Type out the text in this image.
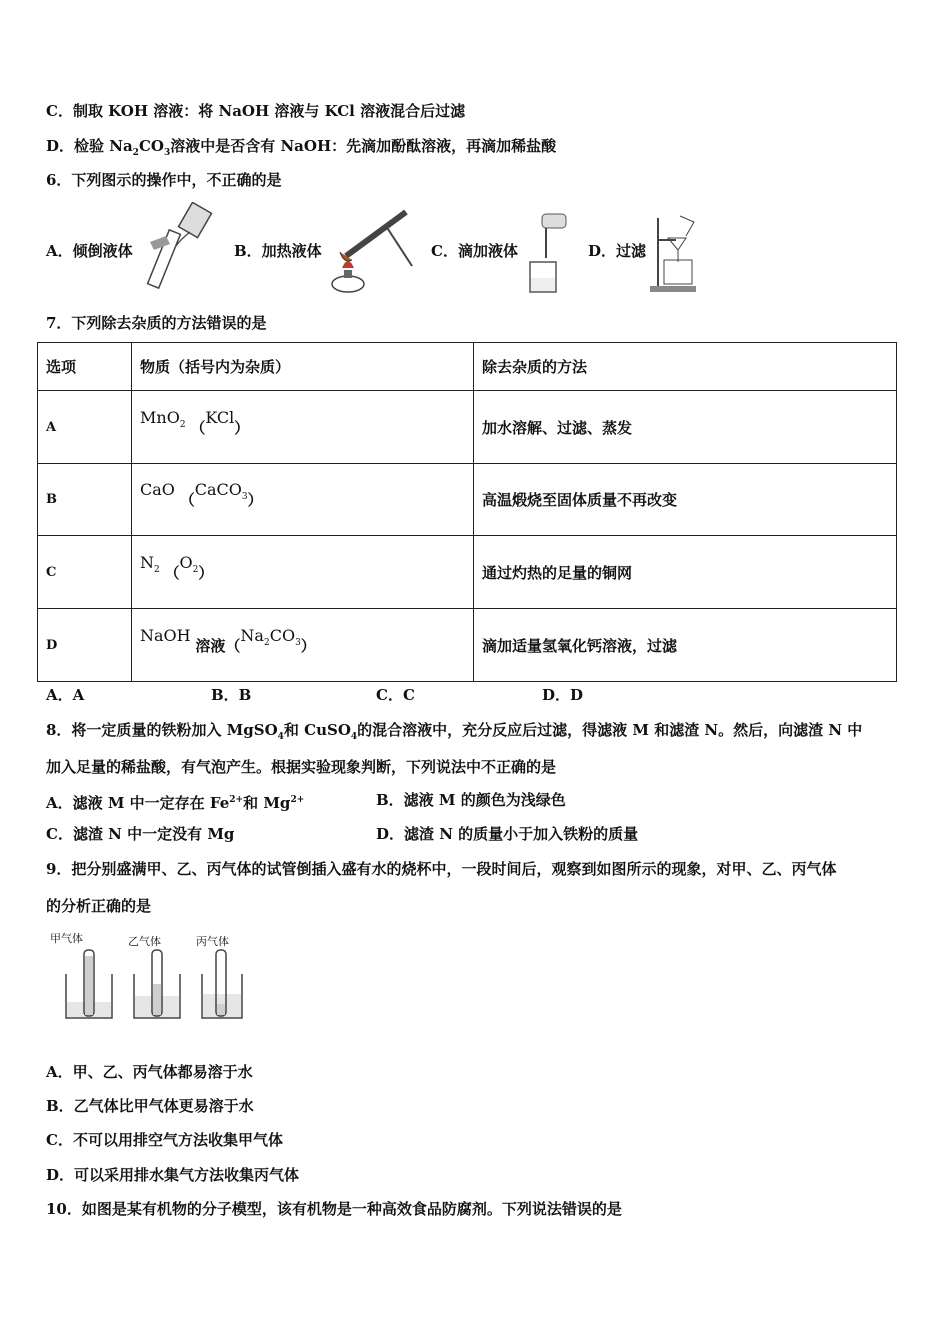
C．制取 KOH 溶液：将 NaOH 溶液与 KCl 溶液混合后过滤
D．检验 $Na_2CO_3$溶液中是否含有 NaOH：先滴加酚酞溶液，再滴加稀盐酸
6．下列图示的操作中，不正确的是
A．倾倒液体	B．加热液体	C．滴加液体	D．过滤
7．下列除去杂质的方法错误的是
选项	物质（括号内为杂质）	除去杂质的方法
A	MnO$_2$ （KCl）	加水溶解、过滤、蒸发
B	CaO （CaCO$_3$）	高温煅烧至固体质量不再改变
C	$N_2$ $(O_2)$	通过灼热的足量的铜网
D	NaOH 溶液$(Na_2CO_3)$	滴加适量氢氧化钙溶液，过滤
A．A	B．B	C．C	D．D
8．将一定质量的铁粉加入 MgSO$_4$和 CuSO$_4$的混合溶液中，充分反应后过滤，得滤液 M 和滤渣 N。然后，向滤渣 N 中
加入足量的稀盐酸，有气泡产生。根据实验现象判断，下列说法中不正确的是
A．滤液 M 中一定存在 $Fe^{2+}$和 $Mg^{2+}$	B．滤液 M 的颜色为浅绿色
C．滤渣 N 中一定没有 Mg	D．滤渣 N 的质量小于加入铁粉的质量
9．把分别盛满甲、乙、丙气体的试管倒插入盛有水的烧杯中，一段时间后，观察到如图所示的现象，对甲、乙、丙气体
的分析正确的是
甲气体	乙气体	丙气体
A．甲、乙、丙气体都易溶于水
B．乙气体比甲气体更易溶于水
C．不可以用排空气方法收集甲气体
D．可以采用排水集气方法收集丙气体
10．如图是某有机物的分子模型，该有机物是一种高效食品防腐剂。下列说法错误的是
